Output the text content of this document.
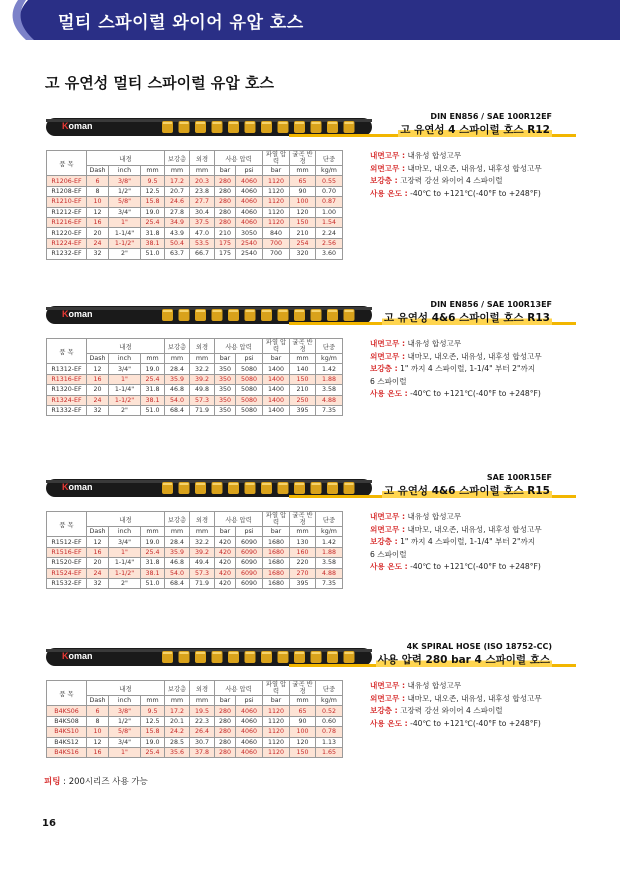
멀티 스파이럴 와이어 유압 호스
고 유연성 멀티 스파이럴 유압 호스
Koman
DIN EN856 / SAE 100R12EF
고 유연성 4 스파이럴 호스 R12
품 목	내경			보강층	외경	사용 압력		파열 압력	굴곡 반경	단중
	Dash	inch	mm	mm	mm	bar	psi	bar	mm	kg/m
R1206-EF	6	3/8"	9.5	17.2	20.3	280	4060	1120	65	0.55
R1208-EF	8	1/2"	12.5	20.7	23.8	280	4060	1120	90	0.70
R1210-EF	10	5/8"	15.8	24.6	27.7	280	4060	1120	100	0.87
R1212-EF	12	3/4"	19.0	27.8	30.4	280	4060	1120	120	1.00
R1216-EF	16	1"	25.4	34.9	37.5	280	4060	1120	150	1.54
R1220-EF	20	1-1/4"	31.8	43.9	47.0	210	3050	840	210	2.24
R1224-EF	24	1-1/2"	38.1	50.4	53.5	175	2540	700	254	2.56
R1232-EF	32	2"	51.0	63.7	66.7	175	2540	700	320	3.60
내면고무 : 내유성 합성고무
외면고무 : 내마모, 내오존, 내유성, 내후성 합성고무
보강층 : 고장력 강선 와이어 4 스파이럴
사용 온도 : -40℃ to +121℃(-40°F to +248°F)
Koman
DIN EN856 / SAE 100R13EF
고 유연성 4&6 스파이럴 호스 R13
품 목	내경			보강층	외경	사용 압력		파열 압력	굴곡 반경	단중
	Dash	inch	mm	mm	mm	bar	psi	bar	mm	kg/m
R1312-EF	12	3/4"	19.0	28.4	32.2	350	5080	1400	140	1.42
R1316-EF	16	1"	25.4	35.9	39.2	350	5080	1400	150	1.88
R1320-EF	20	1-1/4"	31.8	46.8	49.8	350	5080	1400	210	3.58
R1324-EF	24	1-1/2"	38.1	54.0	57.3	350	5080	1400	250	4.88
R1332-EF	32	2"	51.0	68.4	71.9	350	5080	1400	395	7.35
내면고무 : 내유성 합성고무
외면고무 : 내마모, 내오존, 내유성, 내후성 합성고무
보강층 : 1" 까지 4 스파이럴, 1-1/4" 부터 2"까지
6 스파이럴
사용 온도 : -40℃ to +121℃(-40°F to +248°F)
Koman
SAE 100R15EF
고 유연성 4&6 스파이럴 호스 R15
품 목	내경			보강층	외경	사용 압력		파열 압력	굴곡 반경	단중
	Dash	inch	mm	mm	mm	bar	psi	bar	mm	kg/m
R1512-EF	12	3/4"	19.0	28.4	32.2	420	6090	1680	130	1.42
R1516-EF	16	1"	25.4	35.9	39.2	420	6090	1680	160	1.88
R1520-EF	20	1-1/4"	31.8	46.8	49.4	420	6090	1680	220	3.58
R1524-EF	24	1-1/2"	38.1	54.0	57.3	420	6090	1680	270	4.88
R1532-EF	32	2"	51.0	68.4	71.9	420	6090	1680	395	7.35
내면고무 : 내유성 합성고무
외면고무 : 내마모, 내오존, 내유성, 내후성 합성고무
보강층 : 1" 까지 4 스파이럴, 1-1/4" 부터 2"까지
6 스파이럴
사용 온도 : -40℃ to +121℃(-40°F to +248°F)
Koman
4K SPIRAL HOSE (ISO 18752-CC)
사용 압력 280 bar 4 스파이럴 호스
품 목	내경			보강층	외경	사용 압력		파열 압력	굴곡 반경	단중
	Dash	inch	mm	mm	mm	bar	psi	bar	mm	kg/m
B4KS06	6	3/8"	9.5	17.2	19.5	280	4060	1120	65	0.52
B4KS08	8	1/2"	12.5	20.1	22.3	280	4060	1120	90	0.60
B4KS10	10	5/8"	15.8	24.2	26.4	280	4060	1120	100	0.78
B4KS12	12	3/4"	19.0	28.5	30.7	280	4060	1120	120	1.13
B4KS16	16	1"	25.4	35.6	37.8	280	4060	1120	150	1.65
내면고무 : 내유성 합성고무
외면고무 : 내마모, 내오존, 내유성, 내후성 합성고무
보강층 : 고장력 강선 와이어 4 스파이럴
사용 온도 : -40℃ to +121℃(-40°F to +248°F)
피팅 : 200시리즈 사용 가능
16
